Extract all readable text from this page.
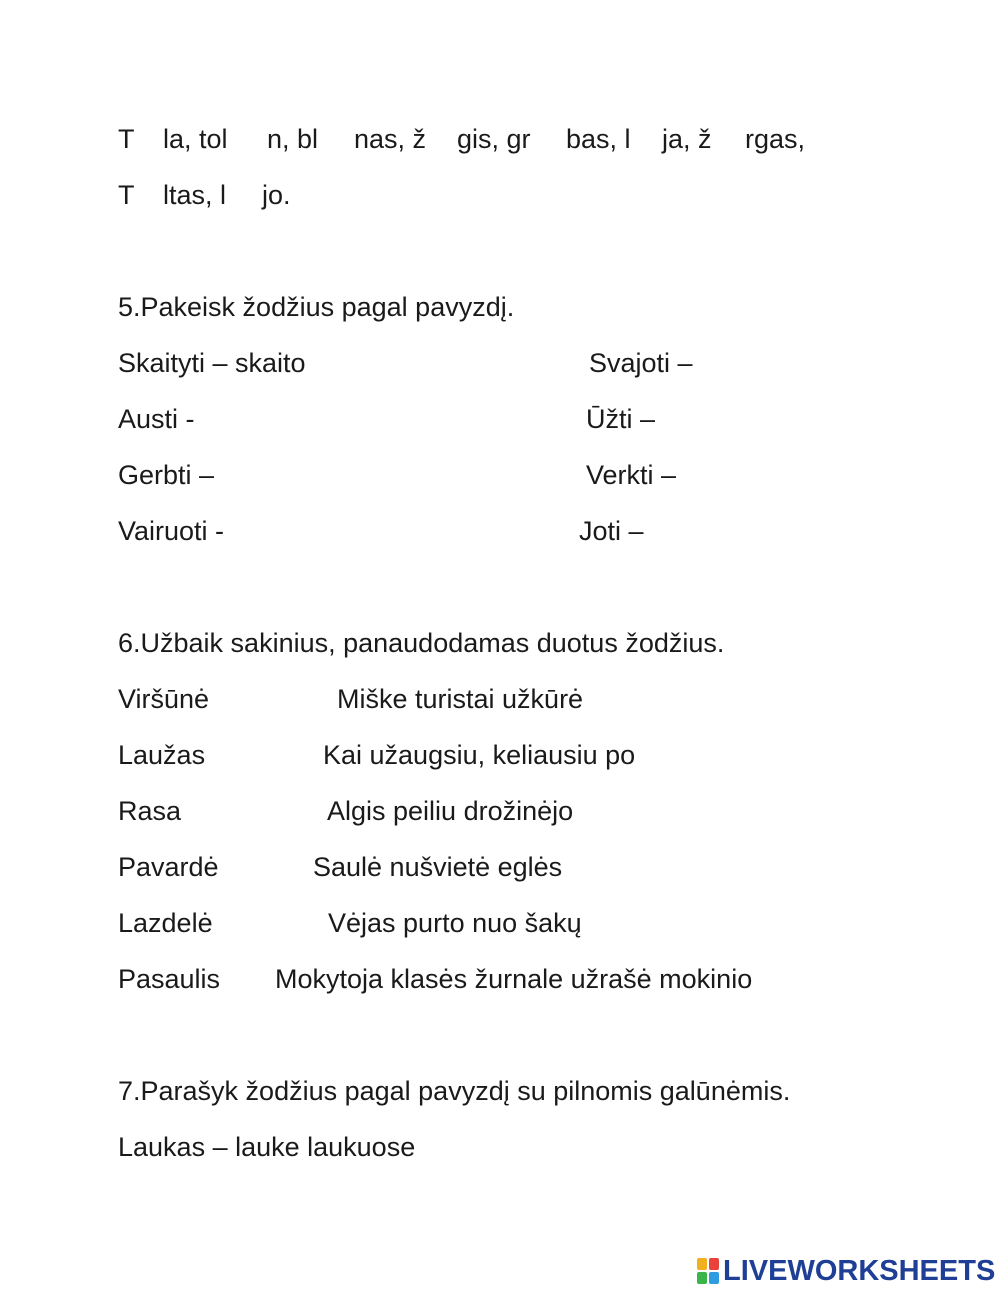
T la, tol n, bl nas, ž gis, gr bas, l ja, ž rgas,
T ltas, l jo.
5.Pakeisk žodžius pagal pavyzdį.
Skaityti – skaito	Svajoti –
Austi -	Ūžti –
Gerbti –	Verkti –
Vairuoti -	Joti –
6.Užbaik sakinius, panaudodamas duotus žodžius.
Viršūnė	Miške turistai užkūrė
Laužas	Kai užaugsiu, keliausiu po
Rasa	Algis peiliu drožinėjo
Pavardė	Saulė nušvietė eglės
Lazdelė	Vėjas purto nuo šakų
Pasaulis Mokytoja klasės žurnale užrašė mokinio
7.Parašyk žodžius pagal pavyzdį su pilnomis galūnėmis.
Laukas – lauke laukuose
LIVEWORKSHEETS
